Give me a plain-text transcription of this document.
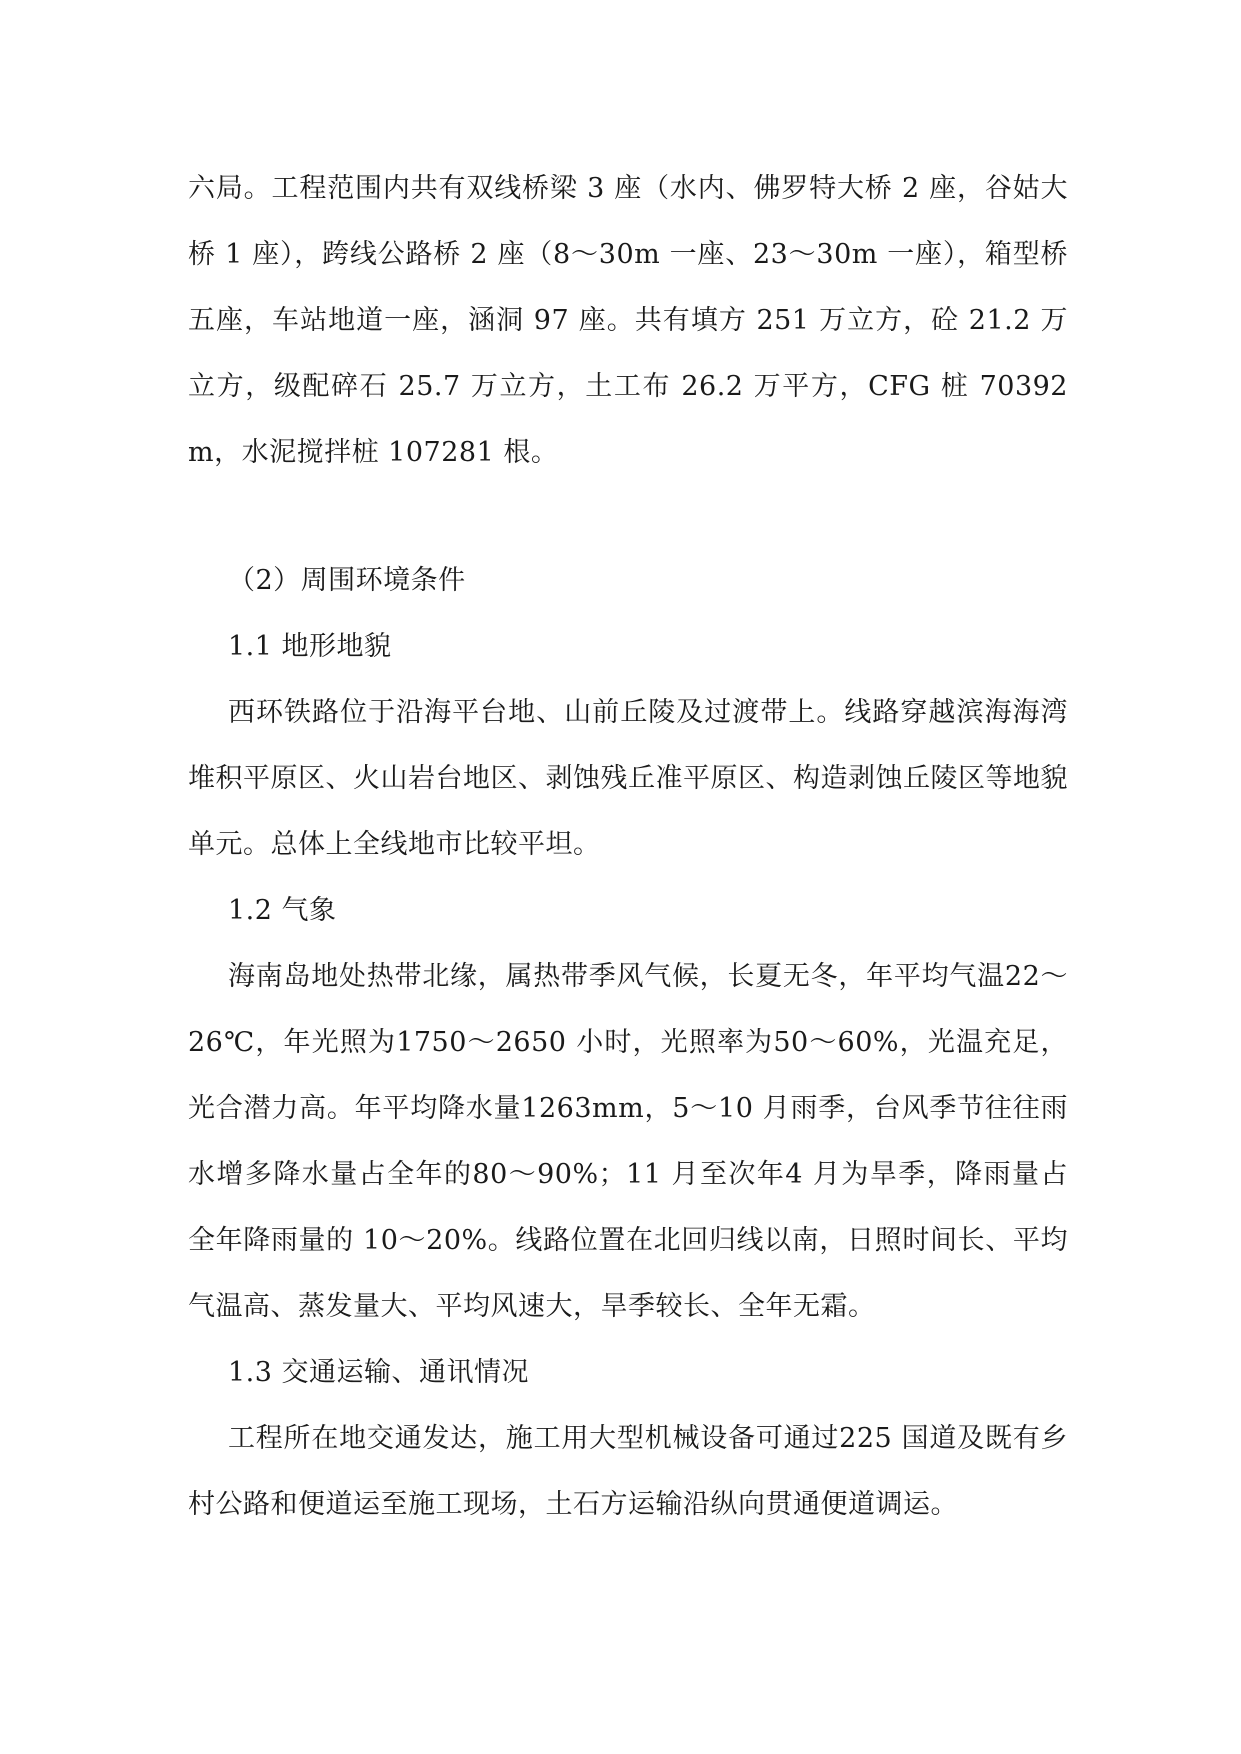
六局。工程范围内共有双线桥梁 3 座（水内、佛罗特大桥 2 座，谷姑大桥 1 座），跨线公路桥 2 座（8～30m 一座、23～30m 一座），箱型桥五座，车站地道一座，涵洞 97 座。共有填方 251 万立方，砼 21.2 万立方，级配碎石 25.7 万立方，土工布 26.2 万平方，CFG 桩 70392m，水泥搅拌桩 107281 根。

（2）周围环境条件

1.1 地形地貌

西环铁路位于沿海平台地、山前丘陵及过渡带上。线路穿越滨海海湾堆积平原区、火山岩台地区、剥蚀残丘准平原区、构造剥蚀丘陵区等地貌单元。总体上全线地市比较平坦。

1.2 气象

海南岛地处热带北缘，属热带季风气候，长夏无冬，年平均气温22～26℃，年光照为1750～2650 小时，光照率为50～60%，光温充足，光合潜力高。年平均降水量1263mm，5～10 月雨季，台风季节往往雨水增多降水量占全年的80～90%；11 月至次年4 月为旱季，降雨量占全年降雨量的 10～20%。线路位置在北回归线以南，日照时间长、平均气温高、蒸发量大、平均风速大，旱季较长、全年无霜。

1.3 交通运输、通讯情况

工程所在地交通发达，施工用大型机械设备可通过225 国道及既有乡村公路和便道运至施工现场，土石方运输沿纵向贯通便道调运。
